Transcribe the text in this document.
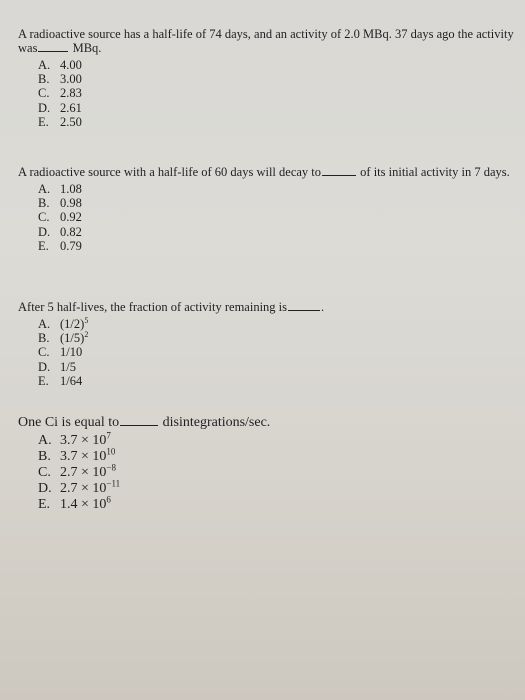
A radioactive source has a half-life of 74 days, and an activity of 2.0 MBq. 37 days ago the activity was	MBq.

A. 4.00
B. 3.00
C. 2.83
D. 2.61
E. 2.50

A radioactive source with a half-life of 60 days will decay to	of its initial activity in 7 days.

A. 1.08
B. 0.98
C. 0.92
D. 0.82
E. 0.79

After 5 half-lives, the fraction of activity remaining is	.

A. $(1/2)^5$
B. $(1/5)^2$
C. 1/10
D. 1/5
E. 1/64

One Ci is equal to	disintegrations/sec.

A. $3.7 \times 10^7$
B. $3.7 \times 10^{10}$
C. $2.7 \times 10^{-8}$
D. $2.7 \times 10^{-11}$
E. $1.4 \times 10^6$
